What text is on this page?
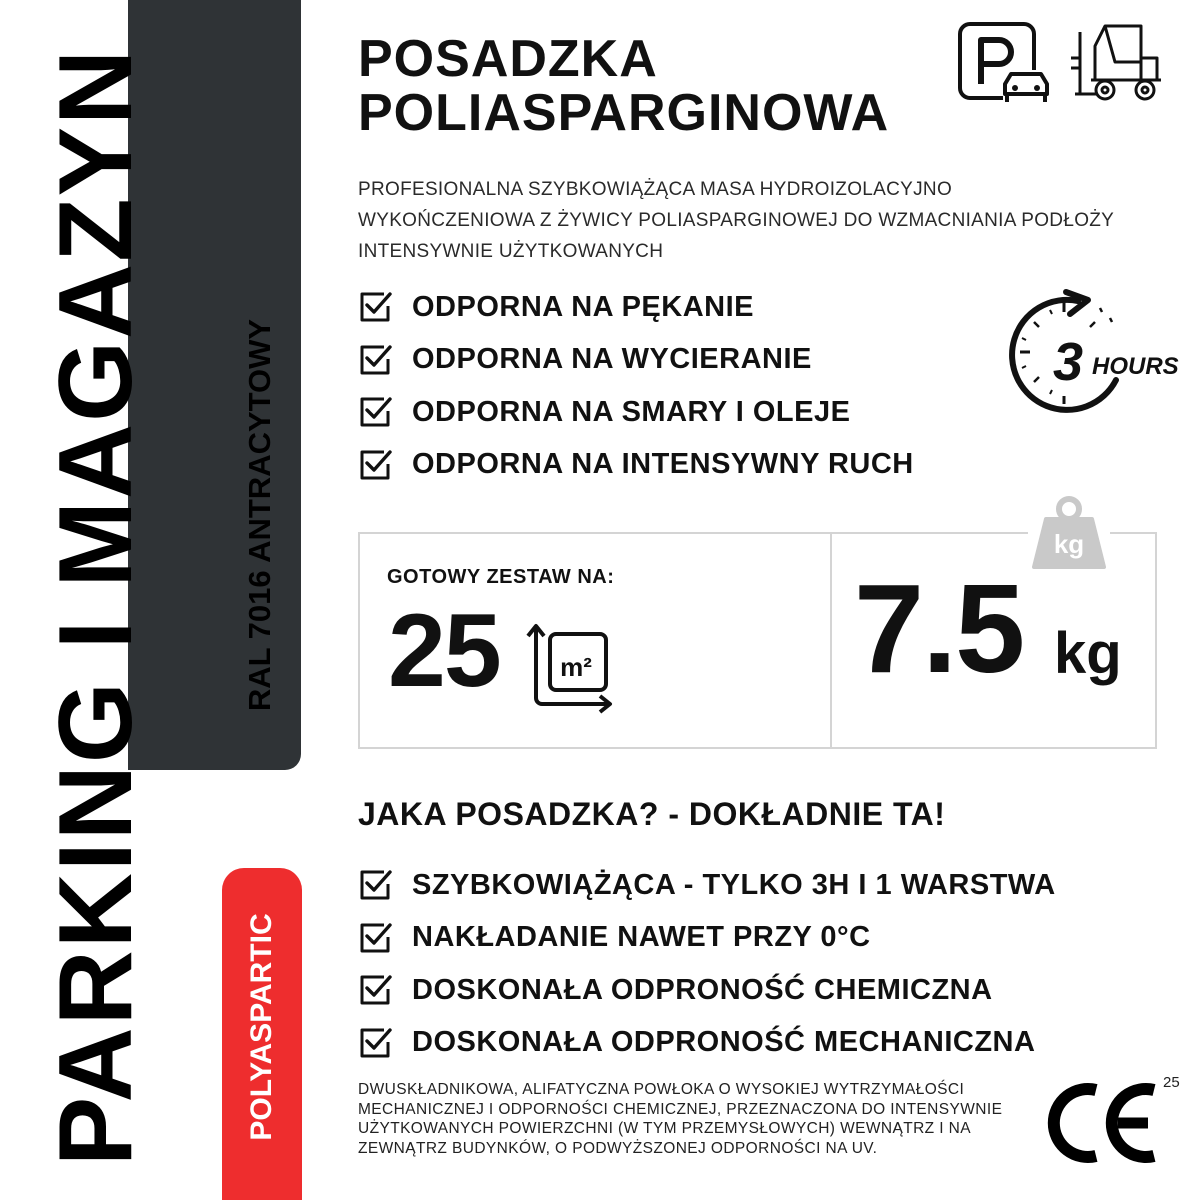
PARKING I MAGAZYN	RAL 7016 ANTRACYTOWY
POLYASPARTIC
POSADZKA
POLIASPARGINOWA

PROFESIONALNA SZYBKOWIĄŻĄCA MASA HYDROIZOLACYJNO
WYKOŃCZENIOWA Z ŻYWICY POLIASPARGINOWEJ DO WZMACNIANIA PODŁOŻY
INTENSYWNIE UŻYTKOWANYCH

ODPORNA NA PĘKANIE
ODPORNA NA WYCIERANIE
ODPORNA NA SMARY I OLEJE
ODPORNA NA INTENSYWNY RUCH
3 HOURS
GOTOWY ZESTAW NA:
25 m² 7.5 kg
kg
JAKA POSADZKA? - DOKŁADNIE TA!
SZYBKOWIĄŻĄCA - TYLKO 3H I 1 WARSTWA
NAKŁADANIE NAWET PRZY 0°C
DOSKONAŁA ODPRONOŚĆ CHEMICZNA
DOSKONAŁA ODPRONOŚĆ MECHANICZNA

DWUSKŁADNIKOWA, ALIFATYCZNA POWŁOKA O WYSOKIEJ WYTRZYMAŁOŚCI
MECHANICZNEJ I ODPORNOŚCI CHEMICZNEJ, PRZEZNACZONA DO INTENSYWNIE
UŻYTKOWANYCH POWIERZCHNI (W TYM PRZEMYSŁOWYCH) WEWNĄTRZ I NA
ZEWNĄTRZ BUDYNKÓW, O PODWYŻSZONEJ ODPORNOŚCI NA UV.

25
